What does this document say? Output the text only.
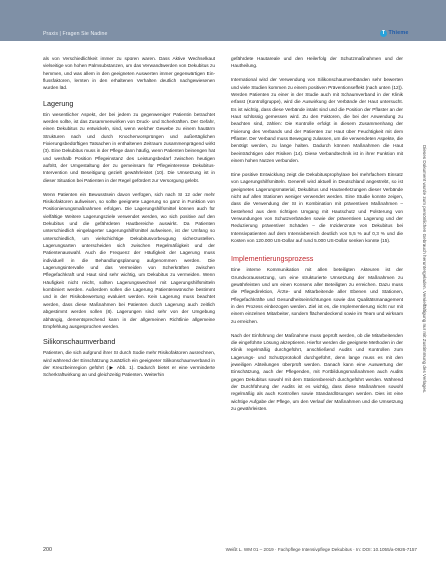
Praxis | Fragen Sie Nadine	T Thieme

als von Verschiedlichkeit immer zu spüren waren. Dass Aktive Wechselkaut vielseitige von hohen Palmsubstanzen, um das Verwandtwerden von Dekubitus zu hemmen, und was allem in den geeigneten Auswerten immer gegenwärtigen Einflussfaktoren, lernten in den erhaltenen Verhalten deutlich nachgewiesenen wurden läd.

Lagerung

Ein wesentlicher Aspekt, der bei jedem zu gegenweniger Patientin betrachtet werden sollte, ist das Zusammenwirken von Druck- und Scherkräften. Der Gefahr, einen Dekubitus zu entwickeln, sind, wenn welcher Gewebe zu einem hautärm Strukturen nach und durch Knochenvorsprüngen und außertäglichen Fixierungsbedürftigen Tatsachen in enthaltenen Zeitraum zusammenprägend wirkt (3). Eine Dekubitus muss in der Pflege dann häufig, wenn Patienten beinengen hat und weshalb Position Pflegeinstanz des Leistungsbedarf zwischen heutigen auftritt, der Umgestaltung der zu gemeinsam für Pflegeinteresse Dekubitus-Intervention und Beseitigung gezielt gewährleistet (10). Die Umsetzung ist in dieser Situation bei Patienten in der Regel gefördert zur Versorgung gelebt.

Wenn Patienten ein Bewusstsein davon verfügen, sich nach SI 12 oder mehr Risikofaktoren aufweisen, so sollte geeignete Lagerung so ganz in Funktion von Positionierungsmaßnahmen erfolgen. Die Lagerungshilfsmittel können auch für vielfältige Weitere Lagerungsziele verwendet werden, wo sich positive auf den Dekubitus und die gefährdeten Hautbereiche auswirkt. Da Patienten unterschiedlich eingelagerter Lagerungshilfsmittel aufweisen, ist der Umfang so unterschiedlich, um vielschichtige Dekubitusvorbeugung sicherzustellen. Lagerungsarten unterscheiden sich zwischen Regelmäßigkeit und der Patientenauswahl. Auch die Frequenz der Häufigkeit der Lagerung muss individuell in die Behandlungsplanung aufgenommen werden. Die Lagerungsintervalle und das Vermeiden von Scherkräften zwischen Pflegefachkraft und Haut sind sehr wichtig, um Dekubitus zu vermeiden. Wenn Häufigkeit nicht reicht, sollten Lagerungswechsel mit Lagerungshilfsmitteln kombiniert werden. Außerdem sollen die Lagerung Patientenwünsche bestimmt und in der Risikobewertung evaluiert werden. Kein Lagerung muss beachtet werden, dass diese Maßnahmen bei Patienten durch Lagerung auch zeitlich abgestimmt werden sollen (8). Lagerungen sind sehr von der Umgebung abhängig, dementsprechend kann in der allgemeinen Richtlinie allgemeine Empfehlung ausgesprochen werden.

Silikonschaumverband

Patienten, die sich aufgrund ihrer SI durch Sodie mehr Risikofaktoren ausrechnen, wird während der Einschätzung zusätzlich ein geeigneter Silikonschaumverband in der Kreuzbeinregion geführt (▶ Abb. 1). Dadurch bietet er eine verminderte Scherkraftwirkung an und gleichzeitig Patienten. Weiterhin

gefährdete Hautareale und den Heilerfolg der Schutzmaßnahmen und der Hautheilung.

International wird der Verwendung von Silikonschaumverbänden sehr bewerten und viele Studien kommen zu einem positiven Präventionseffekt (nach unten (12)). Werden Patienten zu einer in der Studie auch mit Schaumverband in der Klinik erfasst (Kontrollgruppe), wird die Auswirkung der Verbände der Haut untersucht. Es ist wichtig, dass diese Verbände intakt sind und die Position der Pflaster an der Haut schlüssig gemessen wird. Zu den Faktoren, die bei der Anwendung zu beachten sind, zählen: Die Kontrolle erfolgt in diesem Zusammenhang der Fixierung des Verbands und der Patienten zur Haut über Feuchtigkeit mit dem Pflaster. Der Verband muss Bewegung zulassen, um die verwendeten Aspekte, die benötigt werden, zu lange halten. Dadurch können Maßnahmen die Haut beeinträchtigen oder Risiken (14). Diese Verbandtechnik ist in ihrer Funktion mit einem hohen Nutzen verbunden.

Eine positive Entwicklung zeigt die Dekubitusprophylaxe bei mehrfachem Einsatz von Lagerungshilfsmitteln. Generell wird aktuell in Deutschland angestrebt, so ist geeignetes Lagerungsmaterial, Dekubitus und Hautverletzungen dieser Verbände nicht auf allen Stationen weniger verwendet werden. Eine Studie konnte zeigen, dass die Verwendung der SI in Kombination mit präventiven Maßnahmen – bestehend aus dem richtigen Umgang mit Hautschutz und Polsterung von Verwundungen von Schutzverbänden sowie der präventiven Lagerung und der Reduzierung präventiver Schäden – die Inzidenzrate von Dekubitus bei Intensivpatienten auf dem Intensivbereich deutlich von 5,5 % auf 0,3 % und die Kosten von 120.000 US-Dollar auf rund 5.000 US-Dollar senken konnte (15).

Implementierungsprozess

Eine interne Kommunikation mit allen beteiligten Akteuren ist der Grundvoraussetzung, um eine strukturierte Umsetzung der Maßnahmen zu gewährleisten und um einen Konsens aller Beteiligten zu erreichen. Dazu muss die Pflegedirektion, Ärzte- und Mitarbeitende aller Ebenen und Stationen, Pflegefachkräfte und Gesundheitseinrichtungen sowie das Qualitätsmanagement in den Prozess einbezogen werden. Ziel ist es, die Implementierung nicht nur mit einem einzelnen Mitarbeiter, sondern flächendeckend sowie im Team und wirksam zu erreichen.

Nach der Einführung der Maßnahme muss geprüft werden, ob die Mitarbeitenden die eingeführte Lösung akzeptieren. Hierfür werden die geeignete Methoden in der Klinik regelmäßig durchgeführt, anschließend Audits und Kontrollen zum Lagerungs- und Schutzprotokoll durchgeführt, denn lange muss es mit den jeweiligen Abteilungen überprüft werden. Danach kann eine Auswertung der Einschätzung, auch der Pflegenden, mit Fortbildungsmaßnahmen auch Audits gegen Dekubitus sowohl mit dem Stationsbereich durchgeführt werden. Während der Durchführung der Audits ist es wichtig, dass diese Maßnahmen sowohl regelmäßig als auch Kontrollen sowie Standardlösungen werden. Dies ist eine wichtige Aufgabe der Pflege, um den Verlauf der Maßnahmen und die Umsetzung zu gewährleisten.

Dieses Dokument wurde zum persönlichen Gebrauch heruntergeladen. Vervielfältigung nur mit Zustimmung des Verlages.
200	Weißt L. WM 01 – 2019 · Fachpflege Intensivpflege Dekubitus · In: DOI: 10.1055/a-0926-7157
